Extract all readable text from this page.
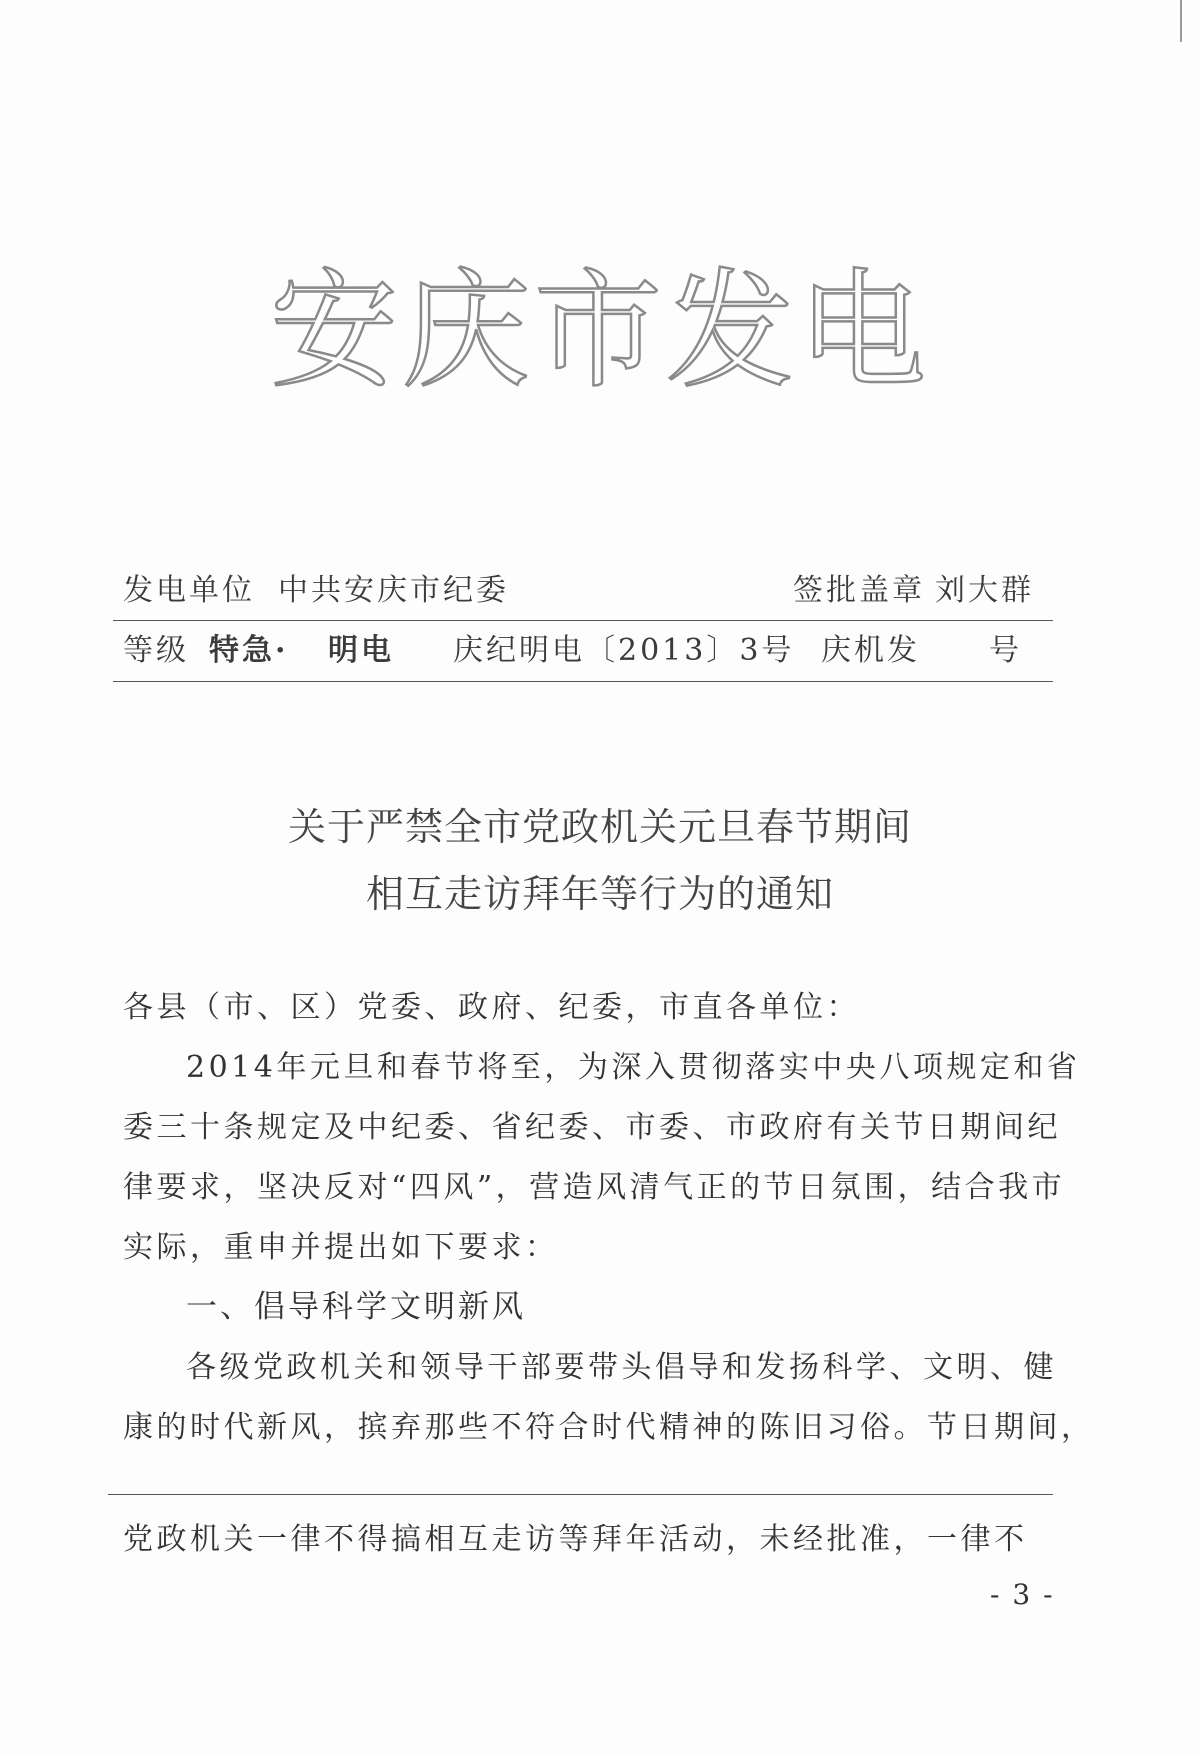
安庆市发电
发电单位 中共安庆市纪委	签批盖章 刘大群
等级 特急· 明电 庆纪明电〔2013〕3号 庆机发 号
关于严禁全市党政机关元旦春节期间
相互走访拜年等行为的通知
各县（市、区）党委、政府、纪委，市直各单位：
2014年元旦和春节将至，为深入贯彻落实中央八项规定和省
委三十条规定及中纪委、省纪委、市委、市政府有关节日期间纪
律要求，坚决反对“四风”，营造风清气正的节日氛围，结合我市
实际，重申并提出如下要求：
一、倡导科学文明新风
各级党政机关和领导干部要带头倡导和发扬科学、文明、健
康的时代新风，摈弃那些不符合时代精神的陈旧习俗。节日期间，
党政机关一律不得搞相互走访等拜年活动，未经批准，一律不
- 3 -
